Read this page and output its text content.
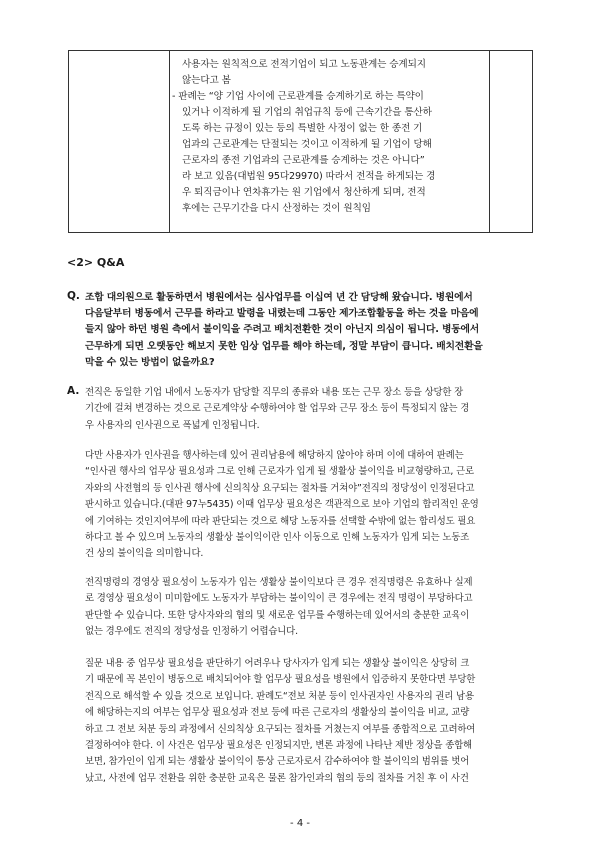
사용자는 원칙적으로 전적기업이 되고 노동관계는 승계되지
않는다고 봄
- 판례는 “양 기업 사이에 근로관계를 승계하기로 하는 특약이
있거나 이적하게 될 기업의 취업규칙 등에 근속기간을 통산하
도록 하는 규정이 있는 등의 특별한 사정이 없는 한 종전 기
업과의 근로관계는 단절되는 것이고 이적하게 될 기업이 당해
근로자의 종전 기업과의 근로관계를 승계하는 것은 아니다”
라 보고 있음(대법원 95다29970) 따라서 전적을 하게되는 경
우 퇴직금이나 연차휴가는 원 기업에서 청산하게 되며, 전적
후에는 근무기간을 다시 산정하는 것이 원칙임
<2> Q&A
Q. 조합 대의원으로 활동하면서 병원에서는 심사업무를 이십여 년 간 담당해 왔습니다. 병원에서
다음달부터 병동에서 근무를 하라고 발령을 내렸는데 그동안 제가조합활동을 하는 것을 마음에
들지 않아 하던 병원 측에서 불이익을 주려고 배치전환한 것이 아닌지 의심이 됩니다. 병동에서
근무하게 되면 오랫동안 해보지 못한 임상 업무를 해야 하는데, 정말 부담이 큽니다. 배치전환을
막을 수 있는 방법이 없을까요?
A. 전직은 동일한 기업 내에서 노동자가 담당할 직무의 종류와 내용 또는 근무 장소 등을 상당한 장
기간에 걸쳐 변경하는 것으로 근로계약상 수행하여야 할 업무와 근무 장소 등이 특정되지 않는 경
우 사용자의 인사권으로 폭넓게 인정됩니다.
다만 사용자가 인사권을 행사하는데 있어 권리남용에 해당하지 않아야 하며 이에 대하여 판례는
“인사권 행사의 업무상 필요성과 그로 인해 근로자가 입게 될 생활상 불이익을 비교형량하고, 근로
자와의 사전협의 등 인사권 행사에 신의칙상 요구되는 절차를 거쳐야”전직의 정당성이 인정된다고
판시하고 있습니다.(대판 97누5435) 이때 업무상 필요성은 객관적으로 보아 기업의 합리적인 운영
에 기여하는 것인지여부에 따라 판단되는 것으로 해당 노동자를 선택할 수밖에 없는 합리성도 필요
하다고 볼 수 있으며 노동자의 생활상 불이익이란 인사 이동으로 인해 노동자가 입게 되는 노동조
건 상의 불이익을 의미합니다.
전직명령의 경영상 필요성이 노동자가 입는 생활상 불이익보다 큰 경우 전직명령은 유효하나 실제
로 경영상 필요성이 미미함에도 노동자가 부담하는 불이익이 큰 경우에는 전직 명령이 부당하다고
판단할 수 있습니다. 또한 당사자와의 협의 및 새로운 업무를 수행하는데 있어서의 충분한 교육이
없는 경우에도 전직의 정당성을 인정하기 어렵습니다.
질문 내용 중 업무상 필요성을 판단하기 어려우나 당사자가 입게 되는 생활상 불이익은 상당히 크
기 때문에 꼭 본인이 병동으로 배치되어야 할 업무상 필요성을 병원에서 입증하지 못한다면 부당한
전직으로 해석할 수 있을 것으로 보입니다. 판례도“전보 처분 등이 인사권자인 사용자의 권리 남용
에 해당하는지의 여부는 업무상 필요성과 전보 등에 따른 근로자의 생활상의 불이익을 비교, 교량
하고 그 전보 처분 등의 과정에서 신의칙상 요구되는 절차를 거쳤는지 여부를 종합적으로 고려하여
결정하여야 한다. 이 사건은 업무상 필요성은 인정되지만, 변론 과정에 나타난 제반 정상을 종합해
보면, 참가인이 입게 되는 생활상 불이익이 통상 근로자로서 감수하여야 할 불이익의 범위를 벗어
났고, 사전에 업무 전환을 위한 충분한 교육은 물론 참가인과의 협의 등의 절차를 거친 후 이 사건
- 4 -
